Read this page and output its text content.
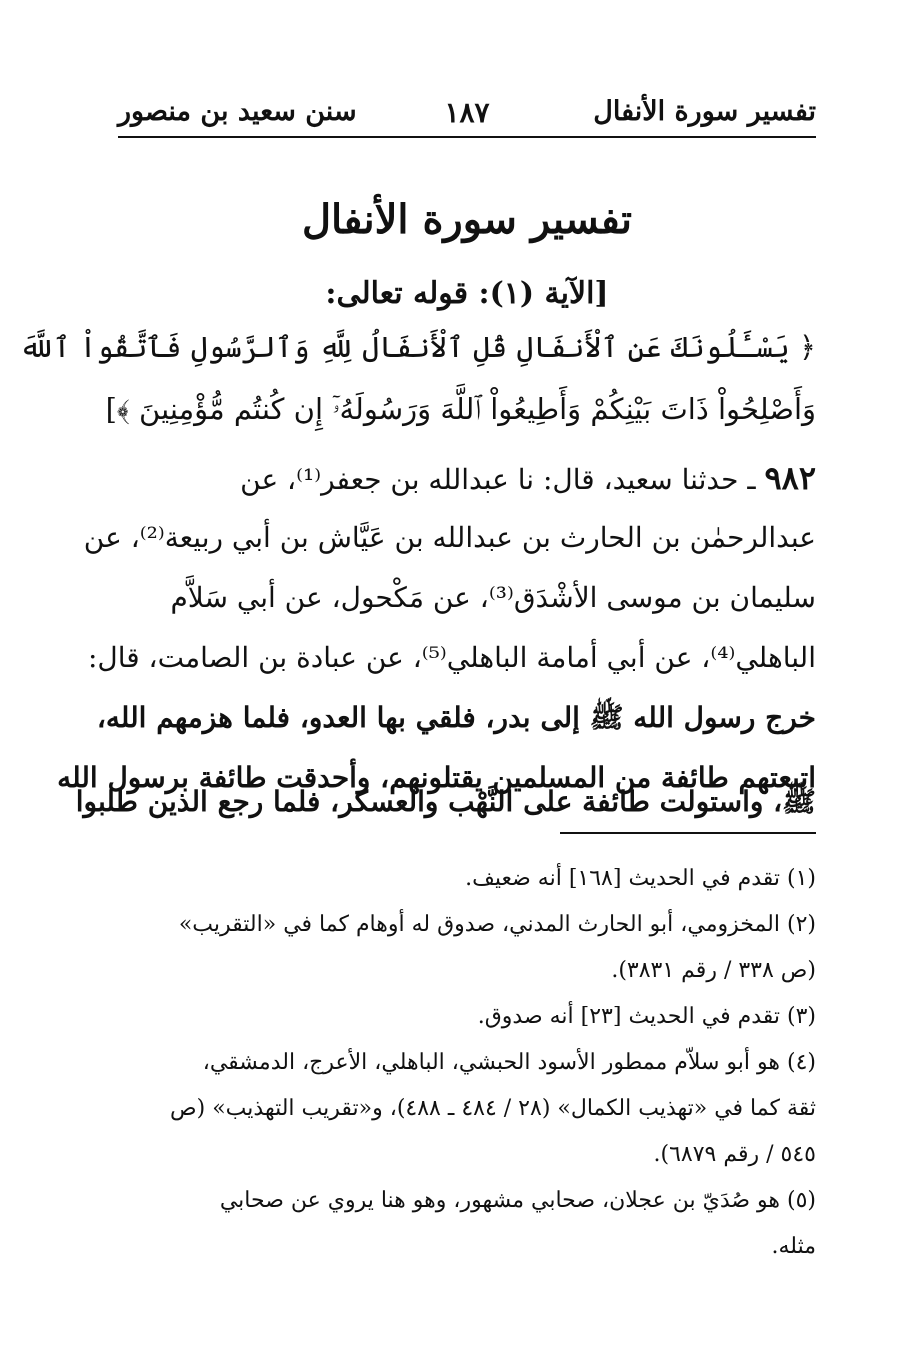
تفسير سورة الأنفال
١٨٧
سنن سعيد بن منصور
تفسير سورة الأنفال
[الآية (١): قوله تعالى:
﴿ يَسْـَٔلُونَكَ عَنِ ٱلْأَنفَالِ قُلِ ٱلْأَنفَالُ لِلَّهِ وَٱلرَّسُولِ فَٱتَّقُواْ ٱللَّهَ
وَأَصْلِحُواْ ذَاتَ بَيْنِكُمْ وَأَطِيعُواْ ٱللَّهَ وَرَسُولَهُۥٓ إِن كُنتُم مُّؤْمِنِينَ ﴾]
٩٨٢ ـ حدثنا سعيد، قال: نا عبدالله بن جعفر⁽¹⁾، عن
عبدالرحمٰن بن الحارث بن عبدالله بن عَيَّاش بن أبي ربيعة⁽²⁾، عن
سليمان بن موسى الأشْدَق⁽³⁾، عن مَكْحول، عن أبي سَلاَّم
الباهلي⁽⁴⁾، عن أبي أمامة الباهلي⁽⁵⁾، عن عبادة بن الصامت، قال:
خرج رسول الله ﷺ إلى بدر، فلقي بها العدو، فلما هزمهم الله،
اتبعتهم طائفة من المسلمين يقتلونهم، وأحدقت طائفة برسول الله
ﷺ، واستولت طائفة على النَّهْب والعسكر، فلما رجع الذين طلبوا
(١) تقدم في الحديث [١٦٨] أنه ضعيف.
(٢) المخزومي، أبو الحارث المدني، صدوق له أوهام كما في «التقريب»
(ص ٣٣٨ / رقم ٣٨٣١).
(٣) تقدم في الحديث [٢٣] أنه صدوق.
(٤) هو أبو سلاّم ممطور الأسود الحبشي، الباهلي، الأعرج، الدمشقي،
ثقة كما في «تهذيب الكمال» (٢٨ / ٤٨٤ ـ ٤٨٨)، و«تقريب التهذيب» (ص
٥٤٥ / رقم ٦٨٧٩).
(٥) هو صُدَيّ بن عجلان، صحابي مشهور، وهو هنا يروي عن صحابي
مثله.
